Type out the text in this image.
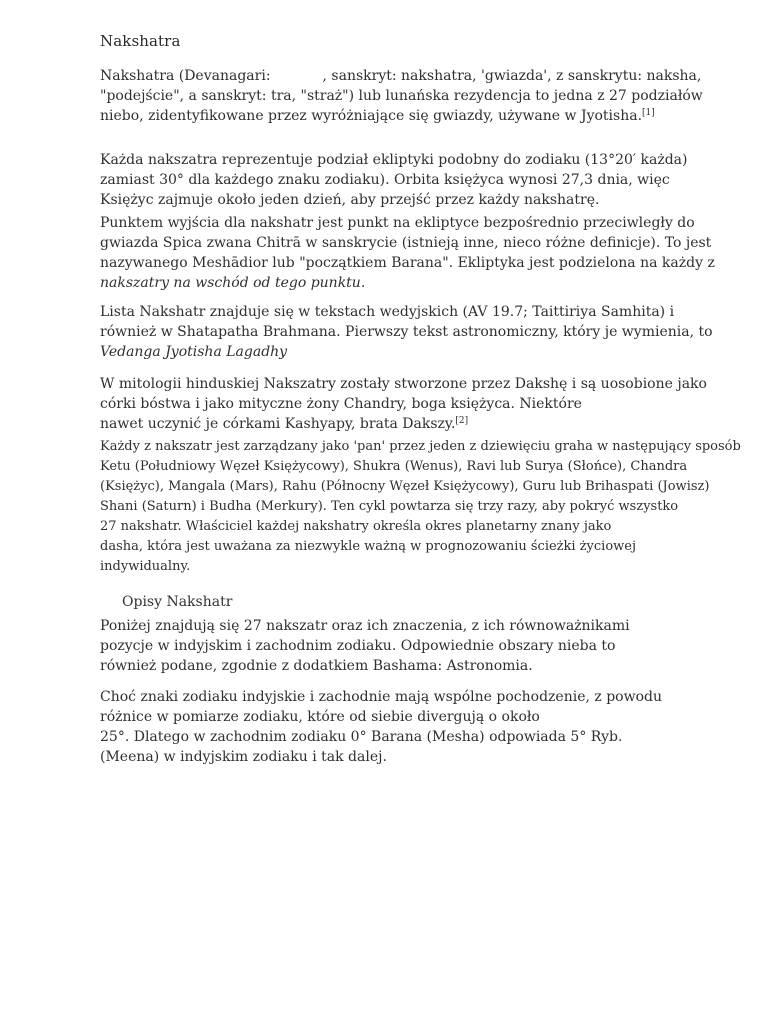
Nakshatra

Nakshatra (Devanagari:	, sanskryt: nakshatra, 'gwiazda', z sanskrytu: naksha,
"podejście", a sanskryt: tra, "straż") lub lunańska rezydencja to jedna z 27 podziałów
niebo, zidentyfikowane przez wyróżniające się gwiazdy, używane w Jyotisha.[1]

Każda nakszatra reprezentuje podział ekliptyki podobny do zodiaku (13°20′ każda)
zamiast 30° dla każdego znaku zodiaku). Orbita księżyca wynosi 27,3 dnia, więc
Księżyc zajmuje około jeden dzień, aby przejść przez każdy nakshatrę.

Punktem wyjścia dla nakshatr jest punkt na ekliptyce bezpośrednio przeciwległy do
gwiazda Spica zwana Chitrā w sanskrycie (istnieją inne, nieco różne definicje). To jest
nazywanego Meshādior lub "początkiem Barana". Ekliptyka jest podzielona na każdy z
nakszatry na wschód od tego punktu.

Lista Nakshatr znajduje się w tekstach wedyjskich (AV 19.7; Taittiriya Samhita) i
również w Shatapatha Brahmana. Pierwszy tekst astronomiczny, który je wymienia, to
Vedanga Jyotisha Lagadhy

W mitologii hinduskiej Nakszatry zostały stworzone przez Dakshę i są uosobione jako
córki bóstwa i jako mityczne żony Chandry, boga księżyca. Niektóre
nawet uczynić je córkami Kashyapy, brata Dakszy.[2]

Każdy z nakszatr jest zarządzany jako 'pan' przez jeden z dziewięciu graha w następujący sposób
Ketu (Południowy Węzeł Księżycowy), Shukra (Wenus), Ravi lub Surya (Słońce), Chandra
(Księżyc), Mangala (Mars), Rahu (Północny Węzeł Księżycowy), Guru lub Brihaspati (Jowisz)
Shani (Saturn) i Budha (Merkury). Ten cykl powtarza się trzy razy, aby pokryć wszystko
27 nakshatr. Właściciel każdej nakshatry określa okres planetarny znany jako
dasha, która jest uważana za niezwykle ważną w prognozowaniu ścieżki życiowej
indywidualny.

Opisy Nakshatr

Poniżej znajdują się 27 nakszatr oraz ich znaczenia, z ich równoważnikami
pozycje w indyjskim i zachodnim zodiaku. Odpowiednie obszary nieba to
również podane, zgodnie z dodatkiem Bashama: Astronomia.

Choć znaki zodiaku indyjskie i zachodnie mają wspólne pochodzenie, z powodu
różnice w pomiarze zodiaku, które od siebie divergują o około
25°. Dlatego w zachodnim zodiaku 0° Barana (Mesha) odpowiada 5° Ryb.
(Meena) w indyjskim zodiaku i tak dalej.
